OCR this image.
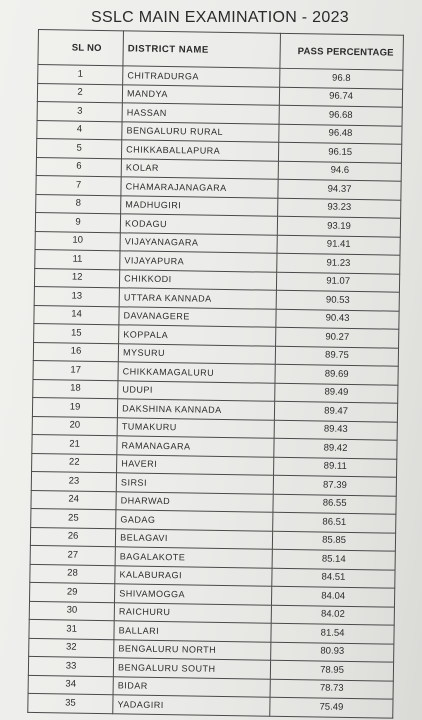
SSLC MAIN EXAMINATION - 2023
SL NO	DISTRICT NAME	PASS PERCENTAGE
1	CHITRADURGA	96.8
2	MANDYA	96.74
3	HASSAN	96.68
4	BENGALURU RURAL	96.48
5	CHIKKABALLAPURA	96.15
6	KOLAR	94.6
7	CHAMARAJANAGARA	94.37
8	MADHUGIRI	93.23
9	KODAGU	93.19
10	VIJAYANAGARA	91.41
11	VIJAYAPURA	91.23
12	CHIKKODI	91.07
13	UTTARA KANNADA	90.53
14	DAVANAGERE	90.43
15	KOPPALA	90.27
16	MYSURU	89.75
17	CHIKKAMAGALURU	89.69
18	UDUPI	89.49
19	DAKSHINA KANNADA	89.47
20	TUMAKURU	89.43
21	RAMANAGARA	89.42
22	HAVERI	89.11
23	SIRSI	87.39
24	DHARWAD	86.55
25	GADAG	86.51
26	BELAGAVI	85.85
27	BAGALAKOTE	85.14
28	KALABURAGI	84.51
29	SHIVAMOGGA	84.04
30	RAICHURU	84.02
31	BALLARI	81.54
32	BENGALURU NORTH	80.93
33	BENGALURU SOUTH	78.95
34	BIDAR	78.73
35	YADAGIRI	75.49
